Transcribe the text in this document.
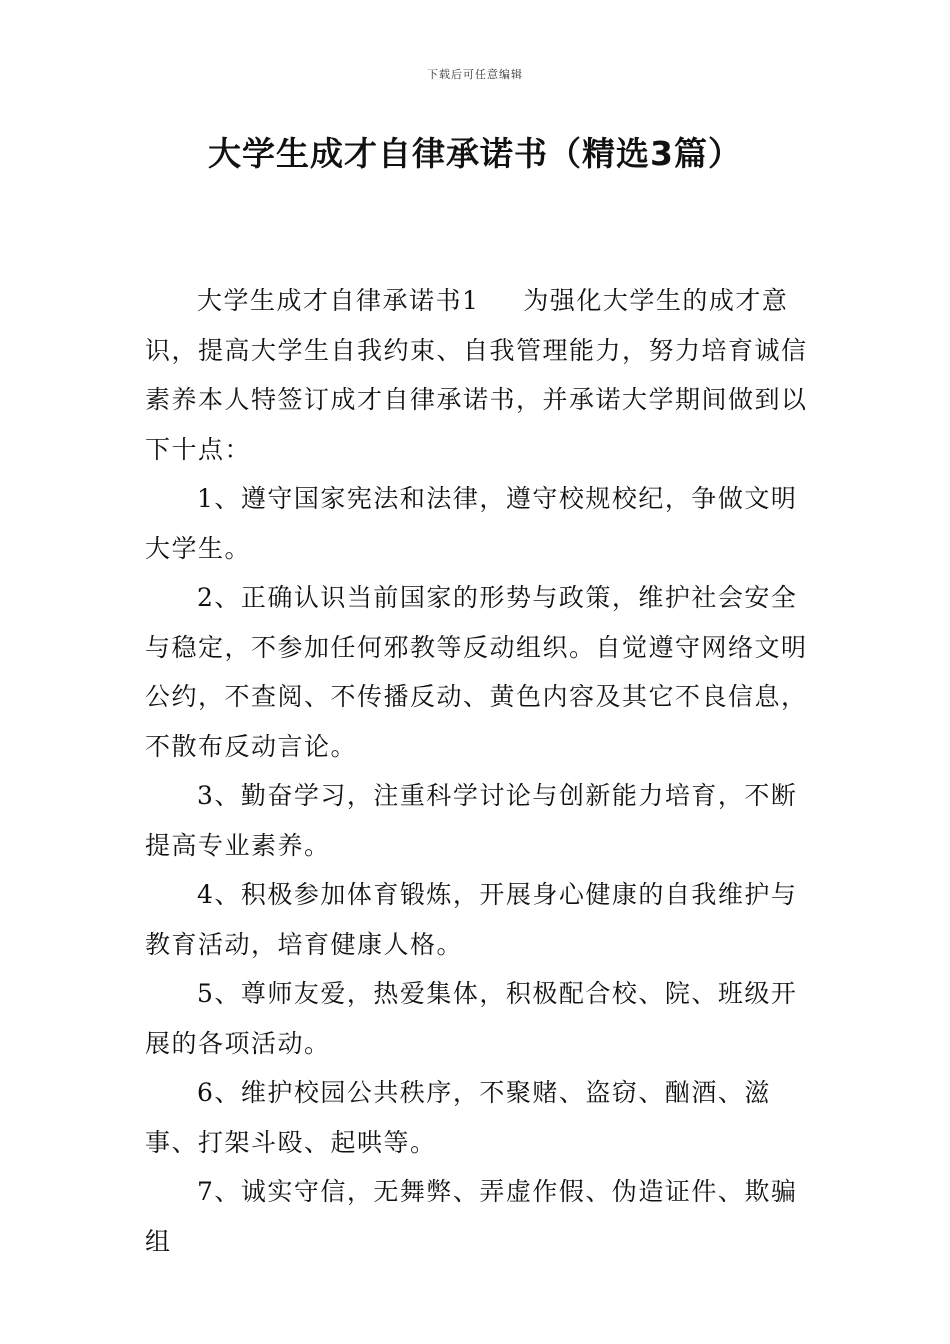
下载后可任意编辑
大学生成才自律承诺书（精选3篇）

大学生成才自律承诺书1 为强化大学生的成才意识，提高大学生自我约束、自我管理能力，努力培育诚信素养本人特签订成才自律承诺书，并承诺大学期间做到以下十点：

1、遵守国家宪法和法律，遵守校规校纪，争做文明大学生。

2、正确认识当前国家的形势与政策，维护社会安全与稳定，不参加任何邪教等反动组织。自觉遵守网络文明公约，不查阅、不传播反动、黄色内容及其它不良信息，不散布反动言论。

3、勤奋学习，注重科学讨论与创新能力培育，不断提高专业素养。

4、积极参加体育锻炼，开展身心健康的自我维护与教育活动，培育健康人格。

5、尊师友爱，热爱集体，积极配合校、院、班级开展的各项活动。

6、维护校园公共秩序，不聚赌、盗窃、酗酒、滋事、打架斗殴、起哄等。

7、诚实守信，无舞弊、弄虚作假、伪造证件、欺骗组
